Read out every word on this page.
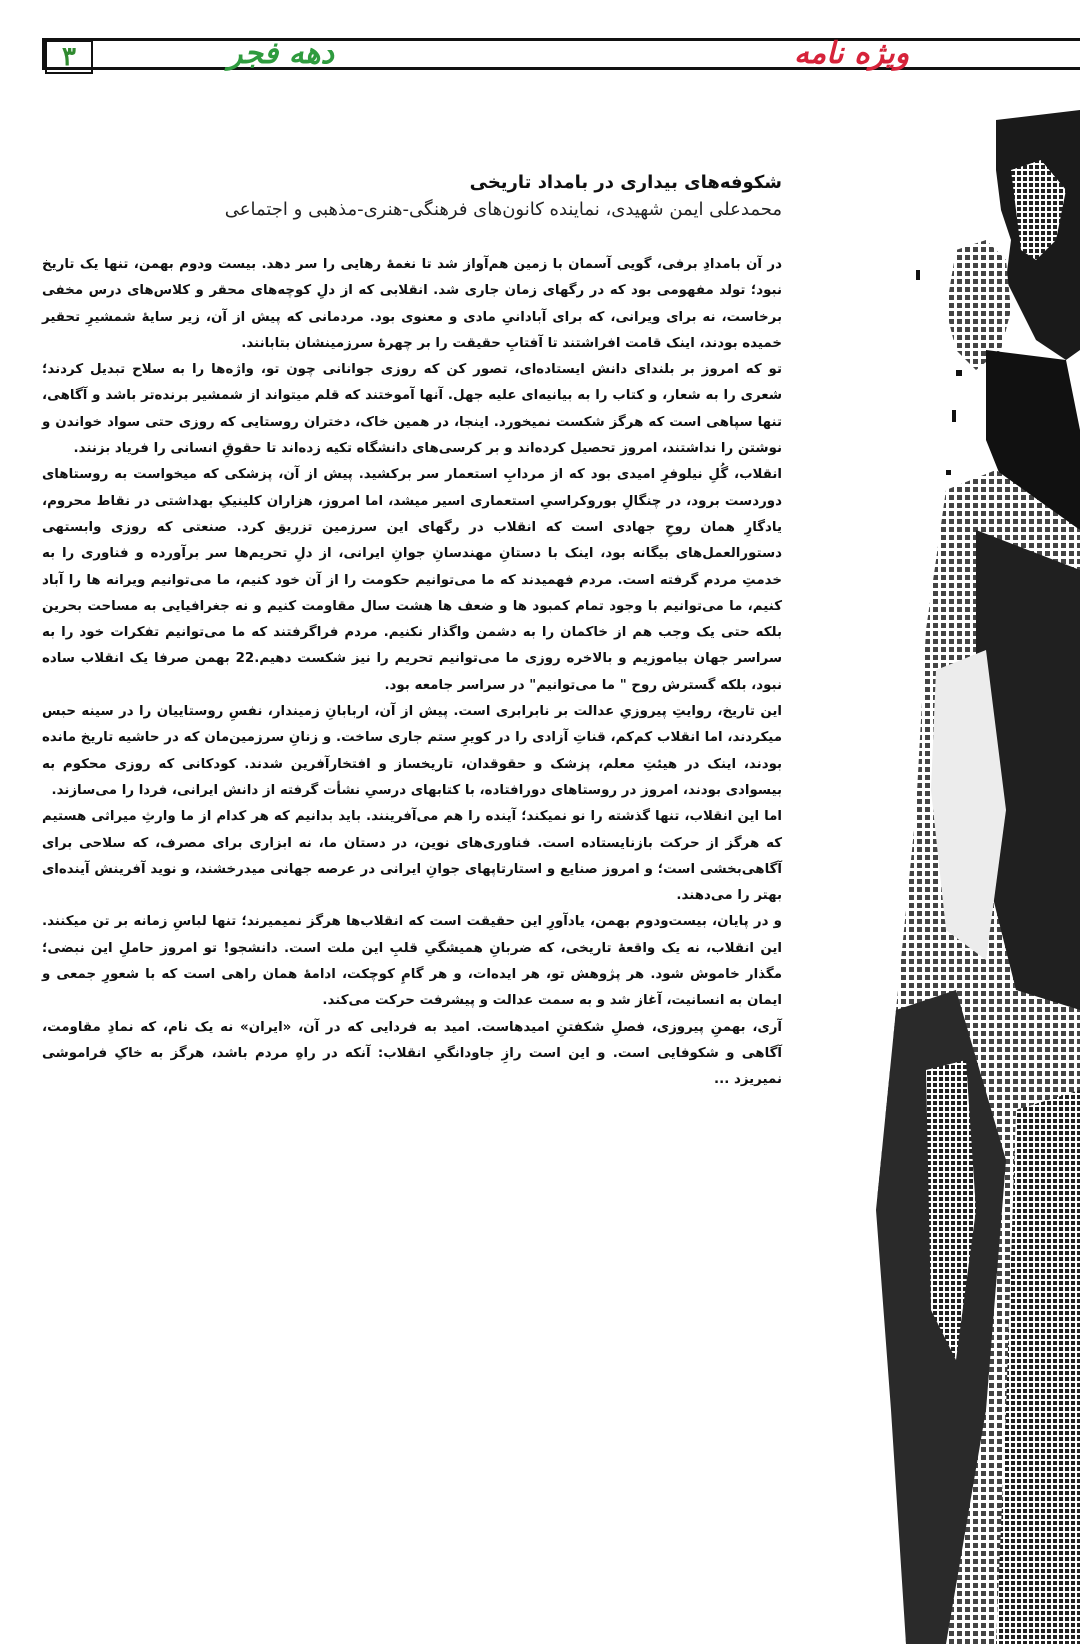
۳	دهه فجر	ویژه نامه
شکوفه‌های بیداری در بامداد تاریخی

محمدعلی ایمن شهیدی، نماینده کانون‌های فرهنگی-هنری-مذهبی و اجتماعی

در آن بامدادِ برفی، گویی آسمان با زمین هم‌آواز شد تا نغمهٔ رهایی را سر دهد. بیست ودوم بهمن، تنها یک تاریخ نبود؛ تولد مفهومی بود که در رگهای زمان جاری شد. انقلابی که از دلِ کوچه‌های محقر و کلاس‌های درس مخفی برخاست، نه برای ویرانی، که برای آبادانیِ مادی و معنوی بود. مردمانی که پیش از آن، زیر سایهٔ شمشیرِ تحقیر خمیده بودند، اینک قامت افراشتند تا آفتابِ حقیقت را بر چهرهٔ سرزمینشان بتابانند.

تو که امروز بر بلندای دانش ایستاده‌ای، تصور کن که روزی جوانانی چون تو، واژه‌ها را به سلاح تبدیل کردند؛ شعری را به شعار، و کتاب را به بیانیه‌ای علیه جهل. آنها آموختند که قلم میتواند از شمشیر برنده‌تر باشد و آگاهی، تنها سپاهی است که هرگز شکست نمیخورد. اینجا، در همین خاک، دختران روستایی که روزی حتی سواد خواندن و نوشتن را نداشتند، امروز تحصیل کرده‌اند و بر کرسی‌های دانشگاه تکیه زده‌اند تا حقوقِ انسانی را فریاد بزنند.

انقلاب، گُلِ نیلوفرِ امیدی بود که از مردابِ استعمار سر برکشید. پیش از آن، پزشکی که میخواست به روستاهای دوردست برود، در چنگالِ بوروکراسیِ استعماری اسیر میشد، اما امروز، هزاران کلینیکِ بهداشتی در نقاط محروم، یادگارِ همان روحِ جهادی است که انقلاب در رگهای این سرزمین تزریق کرد. صنعتی که روزی وابستهی دستورالعمل‌های بیگانه بود، اینک با دستانِ مهندسانِ جوانِ ایرانی، از دلِ تحریم‌ها سر برآورده و فناوری را به خدمتِ مردم گرفته است. مردم فهمیدند که ما می‌توانیم حکومت را از آن خود کنیم، ما می‌توانیم ویرانه ها را آباد کنیم، ما می‌توانیم با وجود تمام کمبود ها و ضعف ها هشت سال مقاومت کنیم و نه جغرافیایی به مساحت بحرین بلکه حتی یک وجب هم از خاکمان را به دشمن واگذار نکنیم. مردم فراگرفتند که ما می‌توانیم تفکرات خود را به سراسر جهان بیاموزیم و بالاخره روزی ما می‌توانیم تحریم را نیز شکست دهیم.22 بهمن صرفا یک انقلاب ساده نبود، بلکه گسترش روح " ما می‌توانیم" در سراسر جامعه بود.

این تاریخ، روایتِ پیروزیِ عدالت بر نابرابری است. پیش از آن، اربابانِ زمیندار، نفسِ روستاییان را در سینه حبس میکردند، اما انقلاب کم‌کم، قناتِ آزادی را در کویرِ ستم جاری ساخت. و زنانِ سرزمین‌مان که در حاشیه تاریخ مانده بودند، اینک در هیئتِ معلم، پزشک و حقوقدان، تاریخساز و افتخارآفرین شدند. کودکانی که روزی محکوم به بیسوادی بودند، امروز در روستاهای دورافتاده، با کتابهای درسیِ نشأت گرفته از دانش ایرانی، فردا را می‌سازند.

اما این انقلاب، تنها گذشته را نو نمیکند؛ آینده را هم می‌آفرینند. باید بدانیم که هر کدام از ما وارثِ میراثی هستیم که هرگز از حرکت بازنایستاده است. فناوری‌های نوین، در دستان ما، نه ابزاری برای مصرف، که سلاحی برای آگاهی‌بخشی است؛ و امروز صنایع و استارتاپهای جوانِ ایرانی در عرصه جهانی میدرخشند، و نوید آفرینش آینده‌ای بهتر را می‌دهند.

و در پایان، بیست‌ودوم بهمن، یادآورِ این حقیقت است که انقلاب‌ها هرگز نمیمیرند؛ تنها لباسِ زمانه بر تن میکنند. این انقلاب، نه یک واقعهٔ تاریخی، که ضربانِ همیشگیِ قلبِ این ملت است. دانشجو! تو امروز حاملِ این نبضی؛ مگذار خاموش شود. هر پژوهش تو، هر ایده‌ات، و هر گامِ کوچکت، ادامهٔ همان راهی است که با شعورِ جمعی و ایمان به انسانیت، آغاز شد و به سمت عدالت و پیشرفت حرکت می‌کند.

آری، بهمنِ پیروزی، فصلِ شکفتنِ امیدهاست. امید به فردایی که در آن، «ایران» نه یک نام، که نمادِ مقاومت، آگاهی و شکوفایی است. و این است رازِ جاودانگیِ انقلاب: آنکه در راهِ مردم باشد، هرگز به خاکِ فراموشی نمیریزد ...
